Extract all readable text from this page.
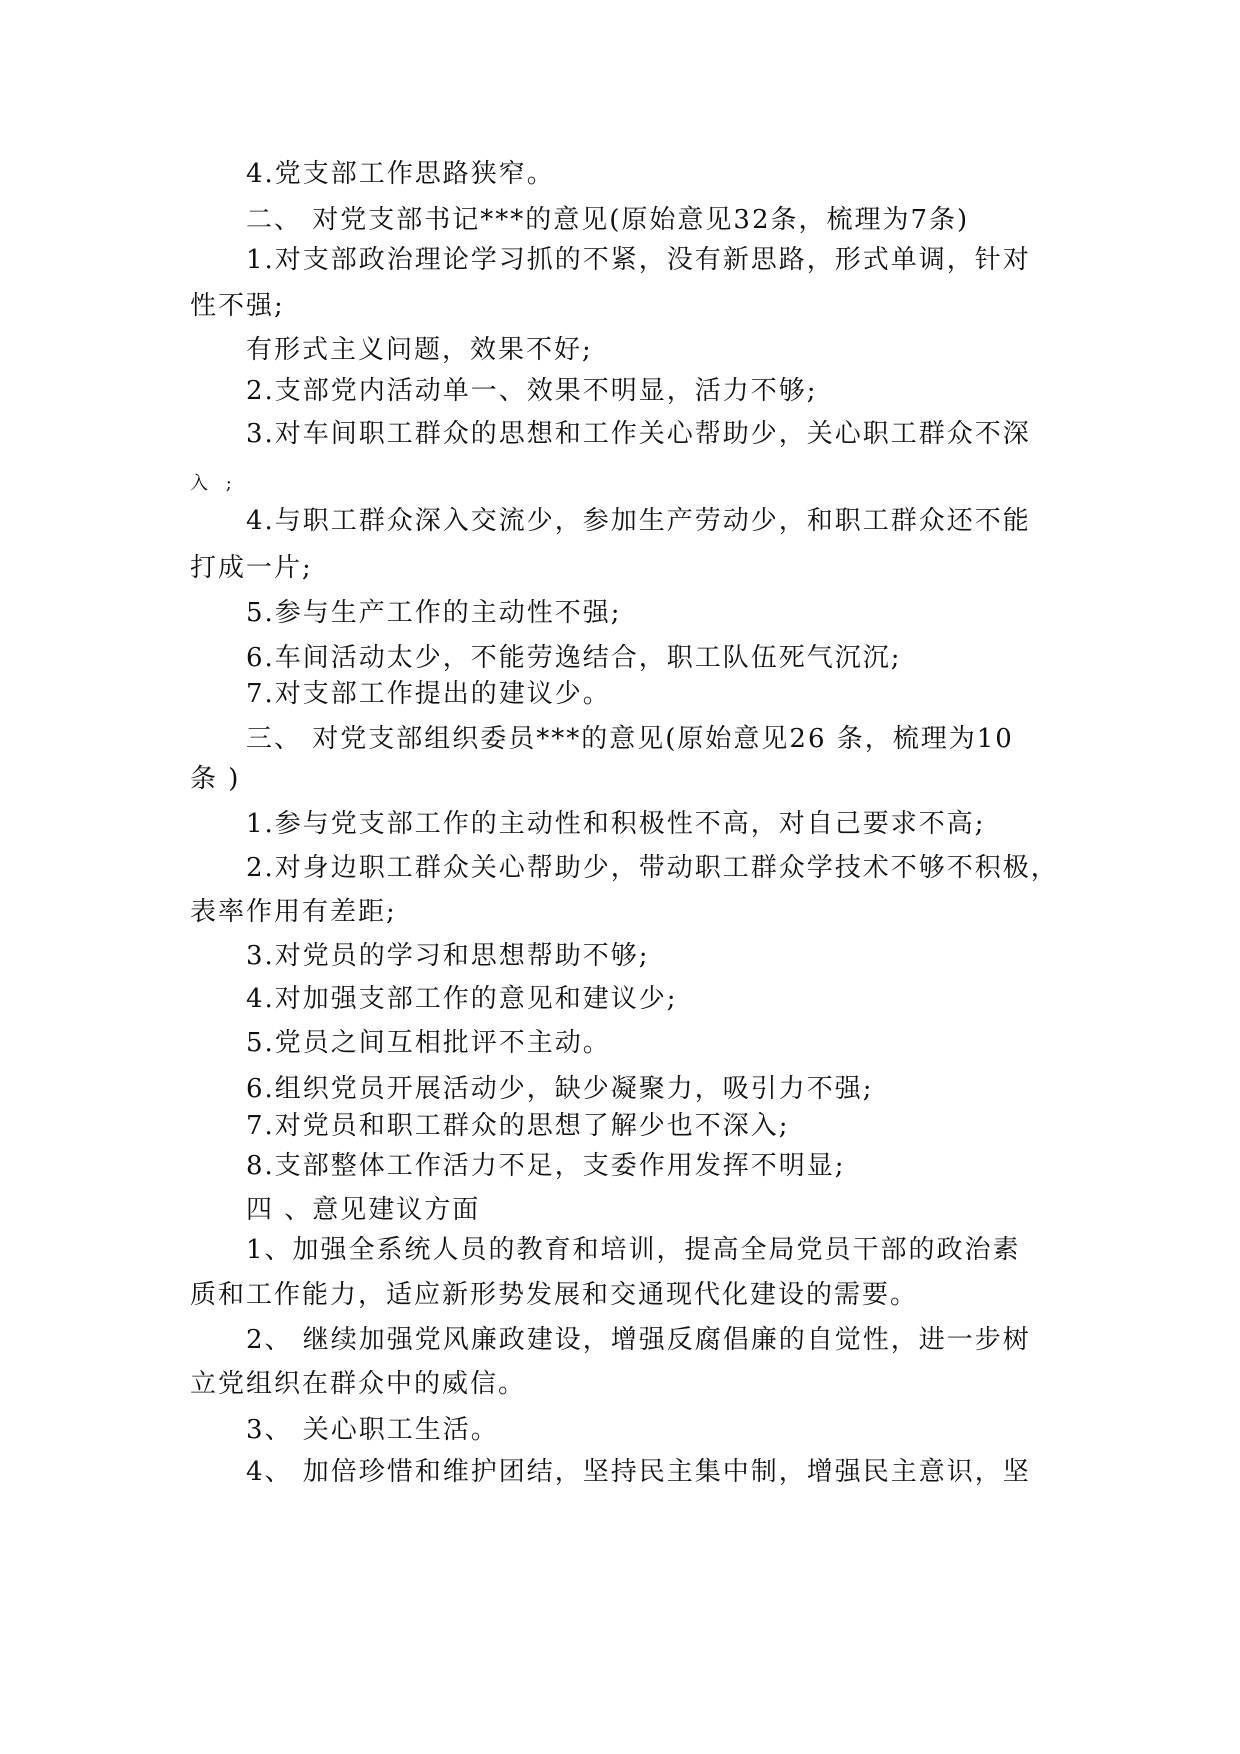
4.党支部工作思路狭窄。
二、 对党支部书记***的意见(原始意见32条，梳理为7条)
1.对支部政治理论学习抓的不紧，没有新思路，形式单调，针对
性不强;
有形式主义问题，效果不好;
2.支部党内活动单一、效果不明显，活力不够;
3.对车间职工群众的思想和工作关心帮助少，关心职工群众不深
入 ;
4.与职工群众深入交流少，参加生产劳动少，和职工群众还不能
打成一片;
5.参与生产工作的主动性不强;
6.车间活动太少，不能劳逸结合，职工队伍死气沉沉;
7.对支部工作提出的建议少。
三、 对党支部组织委员***的意见(原始意见26 条，梳理为10
条 )
1.参与党支部工作的主动性和积极性不高，对自己要求不高;
2.对身边职工群众关心帮助少，带动职工群众学技术不够不积极，
表率作用有差距;
3.对党员的学习和思想帮助不够;
4.对加强支部工作的意见和建议少;
5.党员之间互相批评不主动。
6.组织党员开展活动少，缺少凝聚力，吸引力不强;
7.对党员和职工群众的思想了解少也不深入;
8.支部整体工作活力不足，支委作用发挥不明显;
四 、意见建议方面
1、加强全系统人员的教育和培训，提高全局党员干部的政治素
质和工作能力，适应新形势发展和交通现代化建设的需要。
2、 继续加强党风廉政建设，增强反腐倡廉的自觉性，进一步树
立党组织在群众中的威信。
3、 关心职工生活。
4、 加倍珍惜和维护团结，坚持民主集中制，增强民主意识，坚
